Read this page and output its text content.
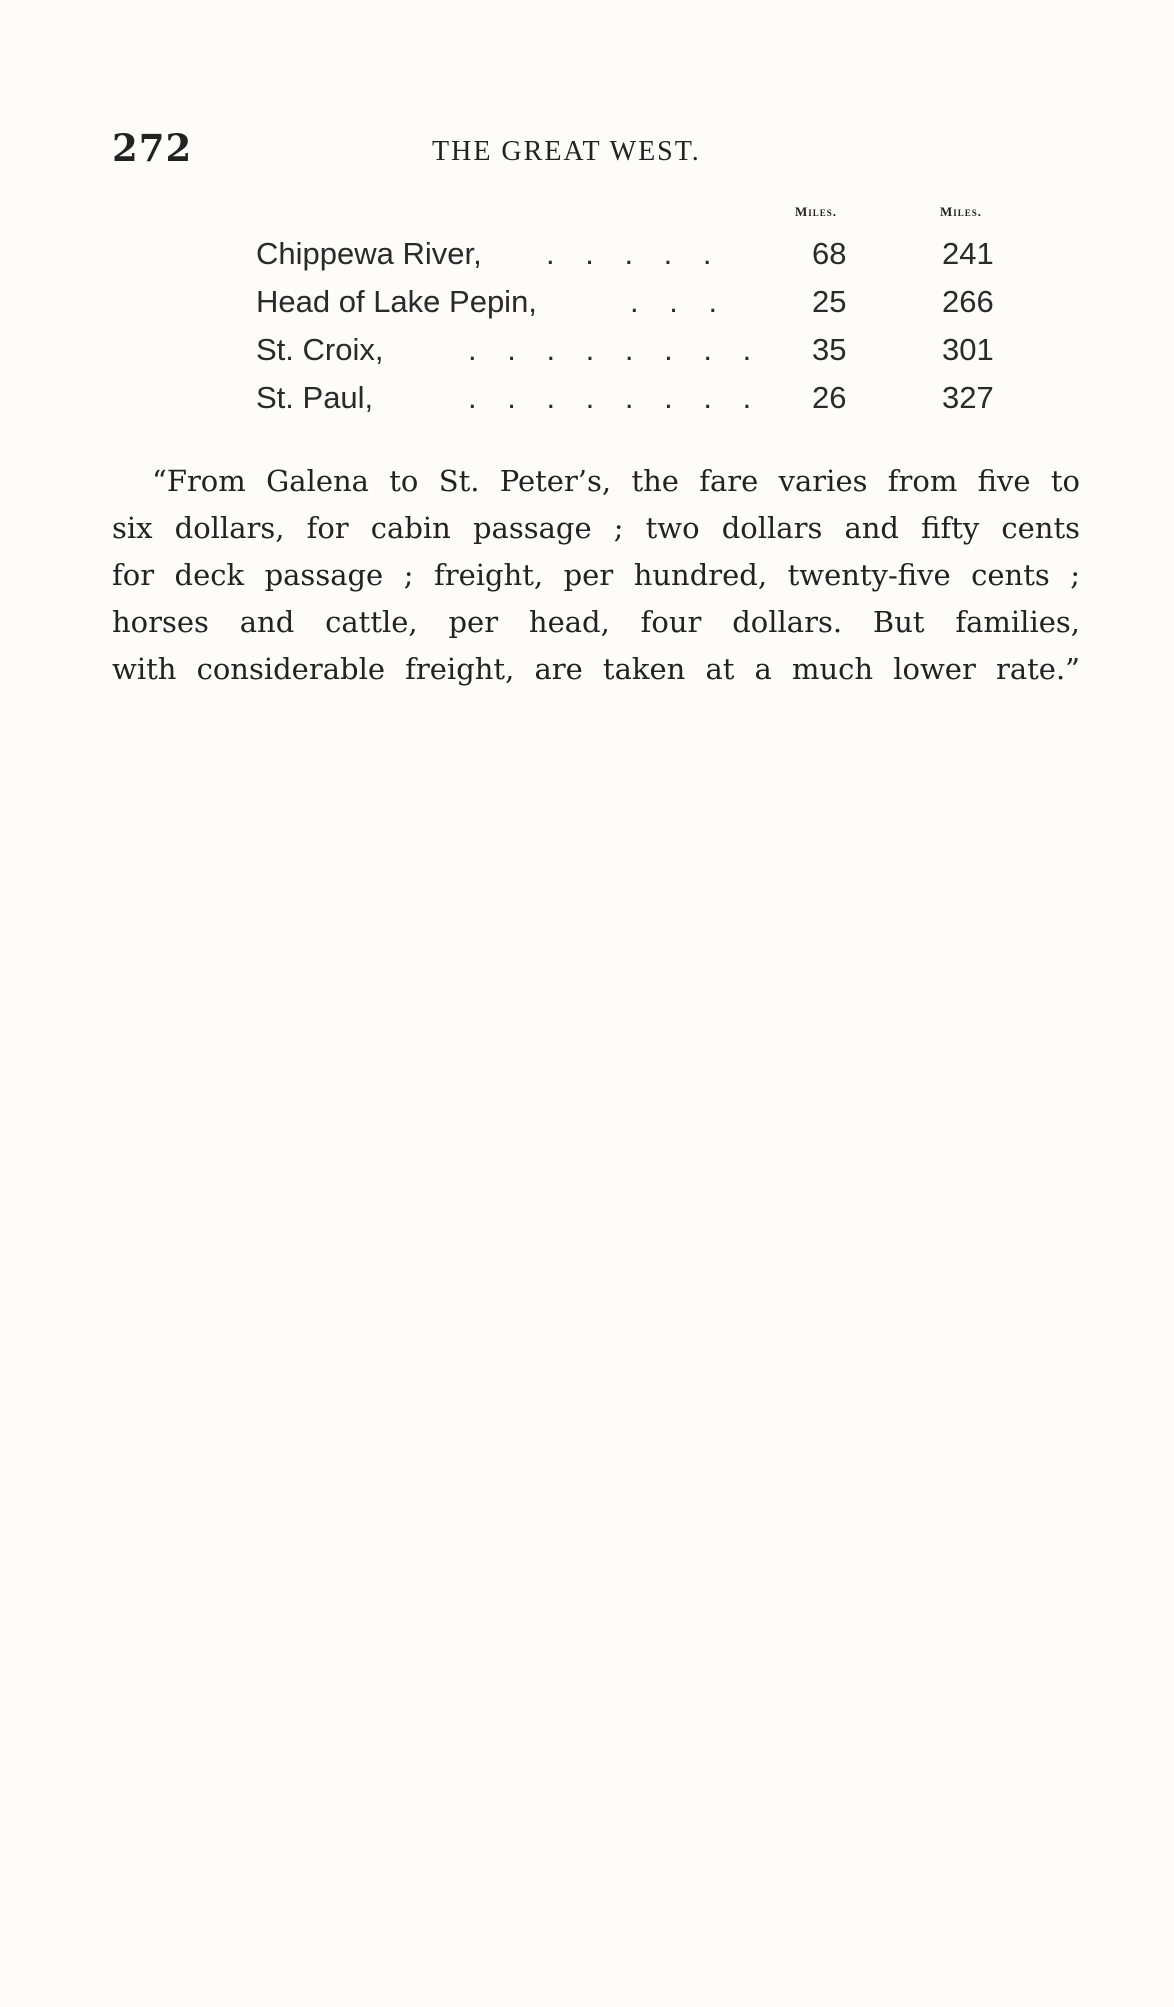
272	THE GREAT WEST.
Miles.	Miles.
Chippewa River, . . . . .	68	241
Head of Lake Pepin,	. . .	25	266
St. Croix,	. . . . . . . . 35	301
St. Paul,	. . . . . . . . 26	327
“From Galena to St. Peter’s, the fare varies from five to
six dollars, for cabin passage ; two dollars and fifty cents
for deck passage ; freight, per hundred, twenty-five cents ;
horses and cattle, per head, four dollars. But families,
with considerable freight, are taken at a much lower rate.”
